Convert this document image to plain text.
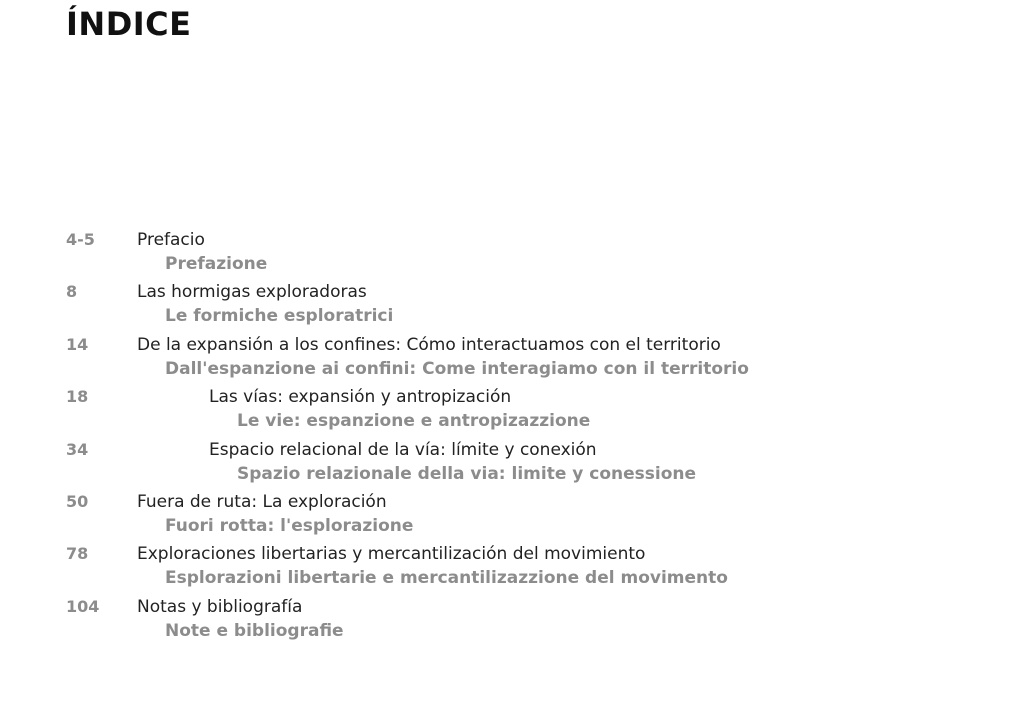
ÍNDICE
4-5 Prefacio
Prefazione
8	Las hormigas exploradoras
Le formiche esploratrici
14	De la expansión a los confines: Cómo interactuamos con el territorio
Dall'espanzione ai confini: Come interagiamo con il territorio
18	Las vías: expansión y antropización
Le vie: espanzione e antropizazzione
34	Espacio relacional de la vía: límite y conexión
Spazio relazionale della via: limite y conessione
50	Fuera de ruta: La exploración
Fuori rotta: l'esplorazione
78	Exploraciones libertarias y mercantilización del movimiento
Esplorazioni libertarie e mercantilizazzione del movimento
104 Notas y bibliografía
Note e bibliografie
